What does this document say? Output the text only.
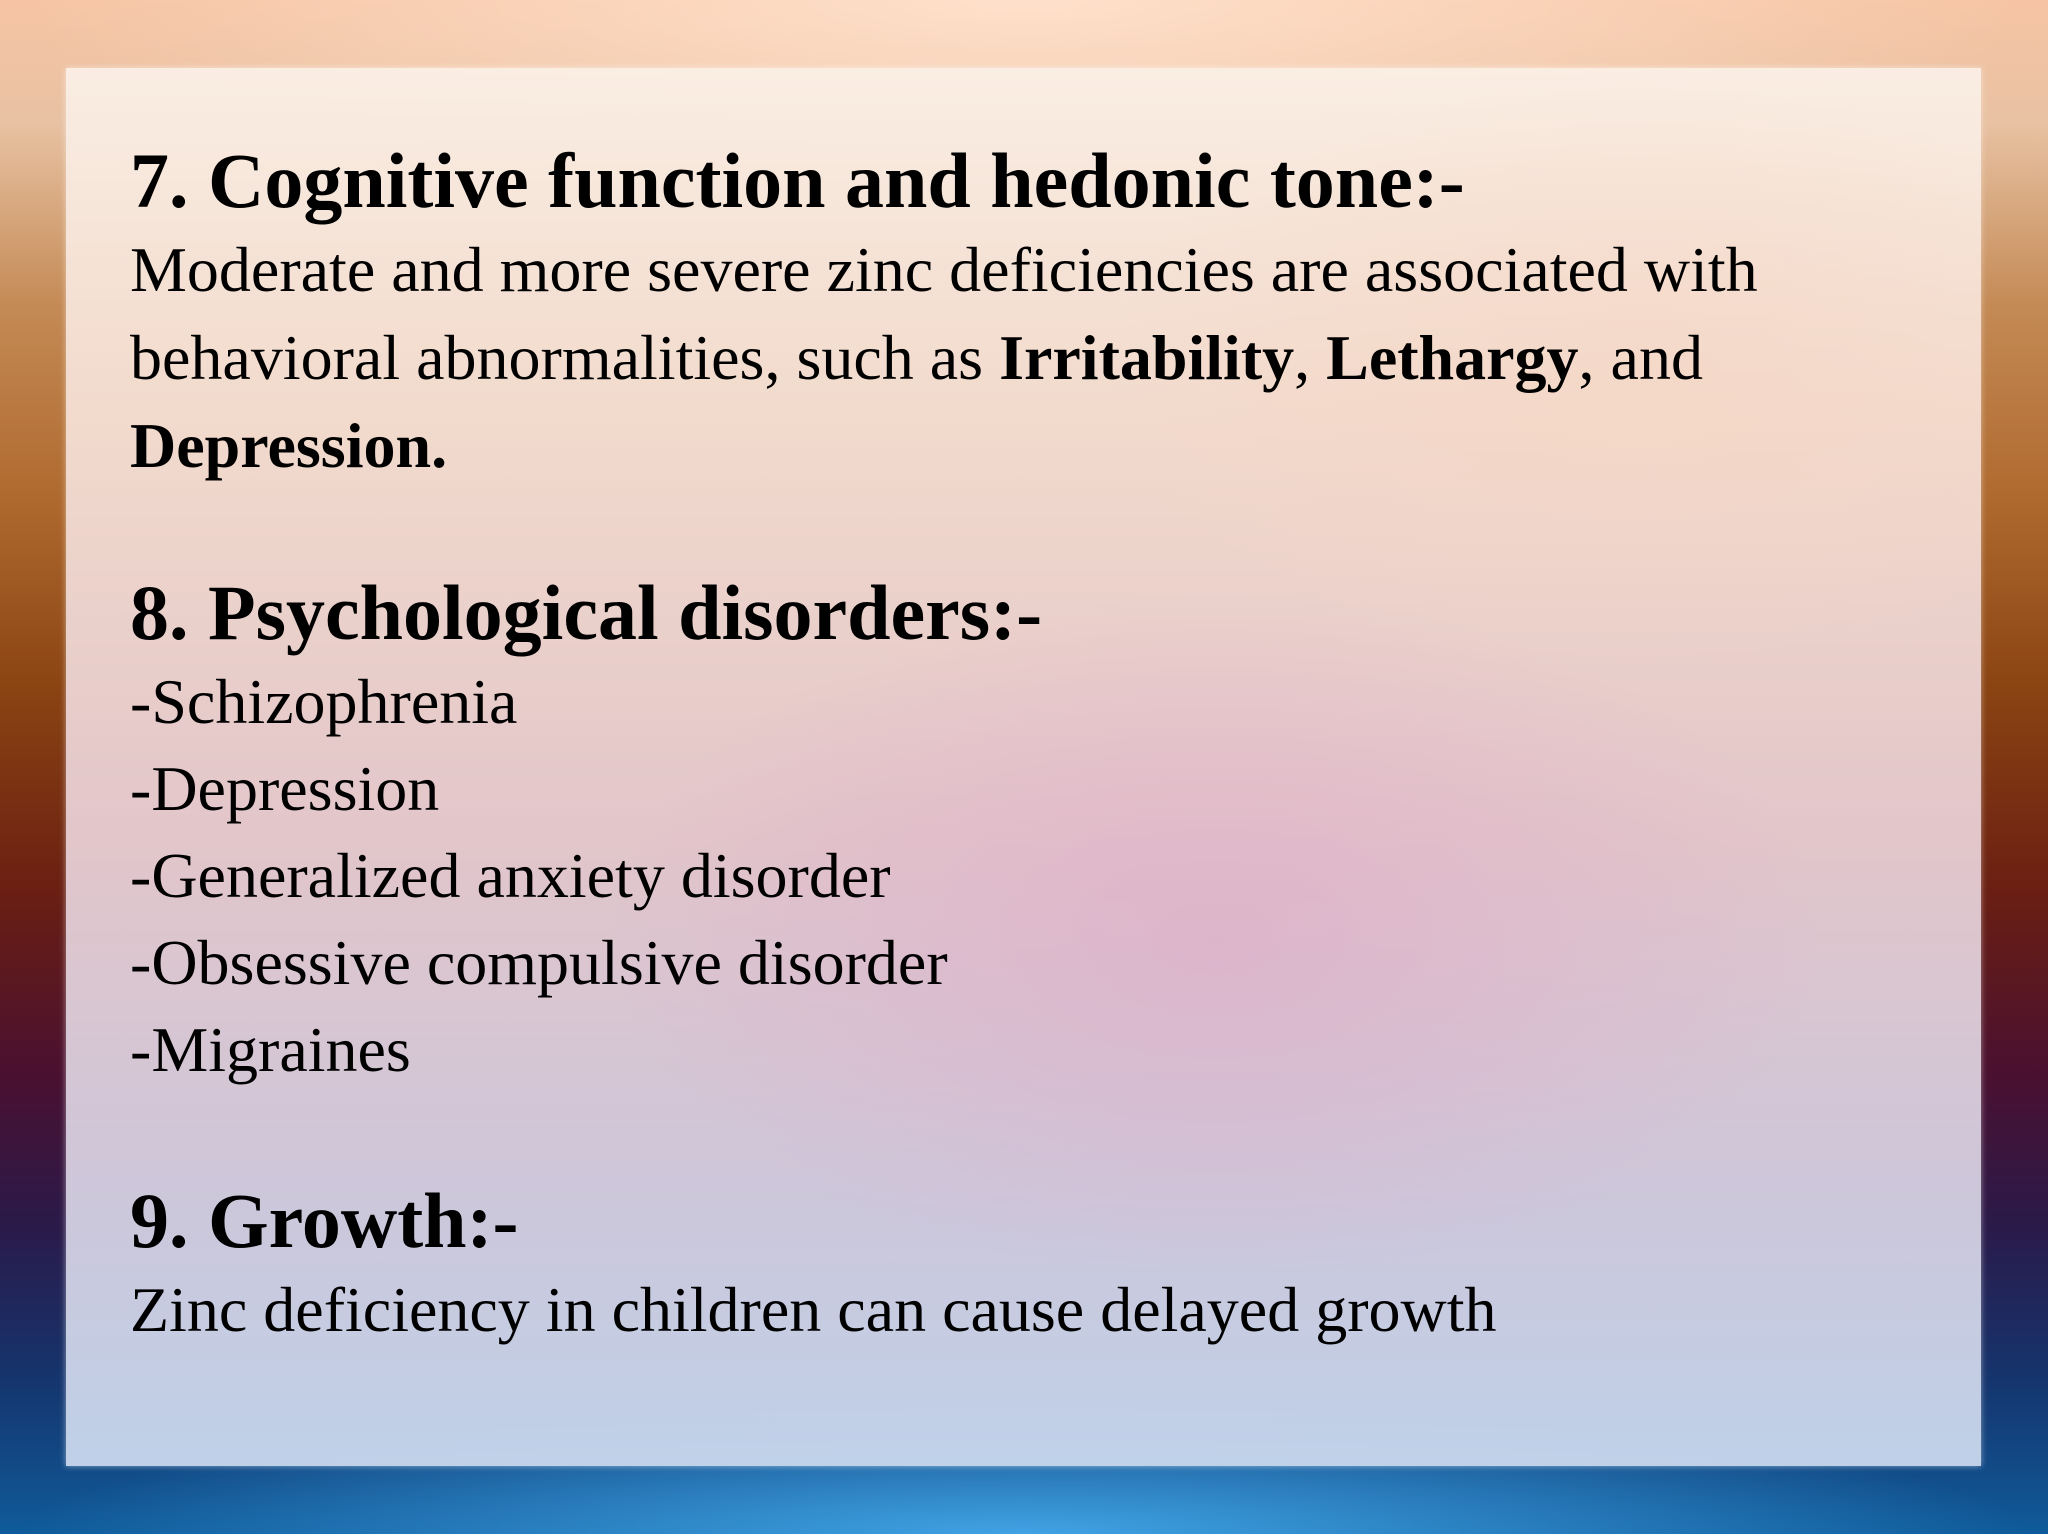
7. Cognitive function and hedonic tone:-

Moderate and more severe zinc deficiencies are associated with behavioral abnormalities, such as Irritability, Lethargy, and Depression.

8. Psychological disorders:-
-Schizophrenia
-Depression
-Generalized anxiety disorder
-Obsessive compulsive disorder
-Migraines
9. Growth:-

Zinc deficiency in children can cause delayed growth
